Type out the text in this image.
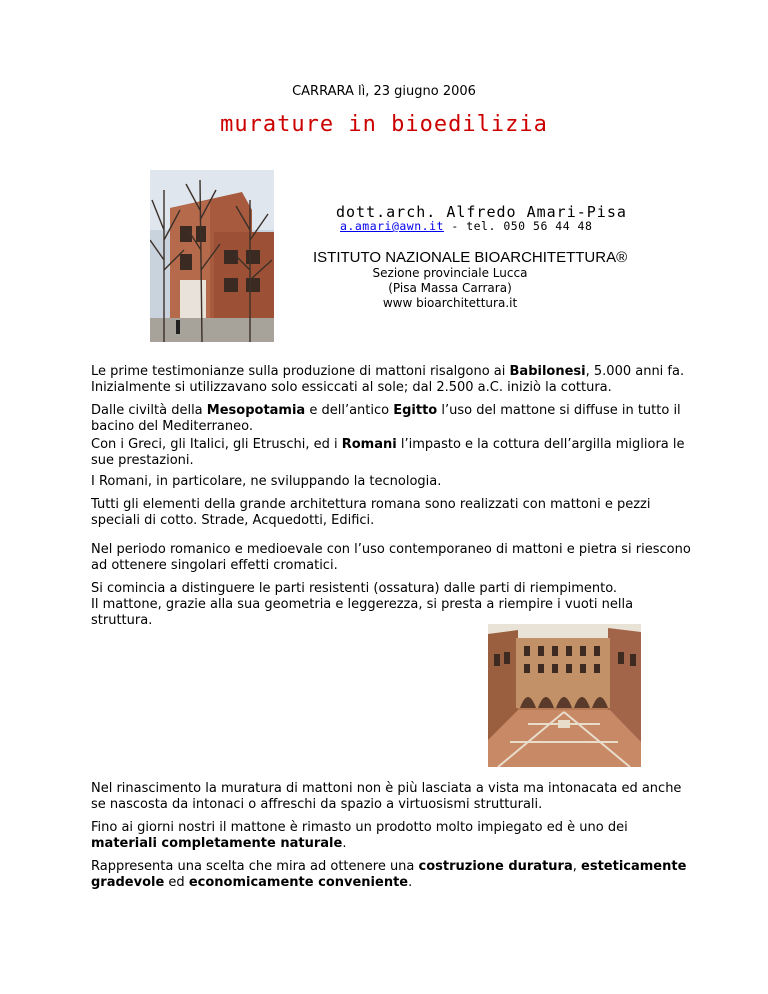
CARRARA lì, 23 giugno 2006
murature in bioedilizia
dott.arch. Alfredo Amari-Pisa
a.amari@awn.it - tel. 050 56 44 48
ISTITUTO NAZIONALE BIOARCHITETTURA®
Sezione provinciale Lucca
(Pisa Massa Carrara)
www bioarchitettura.it

Le prime testimonianze sulla produzione di mattoni risalgono ai Babilonesi, 5.000 anni fa. Inizialmente si utilizzavano solo essiccati al sole; dal 2.500 a.C. iniziò la cottura.

Dalle civiltà della Mesopotamia e dell’antico Egitto l’uso del mattone si diffuse in tutto il bacino del Mediterraneo.

Con i Greci, gli Italici, gli Etruschi, ed i Romani l’impasto e la cottura dell’argilla migliora le sue prestazioni.

I Romani, in particolare, ne sviluppando la tecnologia.

Tutti gli elementi della grande architettura romana sono realizzati con mattoni e pezzi speciali di cotto. Strade, Acquedotti, Edifici.

Nel periodo romanico e medioevale con l’uso contemporaneo di mattoni e pietra si riescono ad ottenere singolari effetti cromatici.

Si comincia a distinguere le parti resistenti (ossatura) dalle parti di riempimento.

Il mattone, grazie alla sua geometria e leggerezza, si presta a riempire i vuoti nella struttura.

Nel rinascimento la muratura di mattoni non è più lasciata a vista ma intonacata ed anche se nascosta da intonaci o affreschi da spazio a virtuosismi strutturali.

Fino ai giorni nostri il mattone è rimasto un prodotto molto impiegato ed è uno dei materiali completamente naturale.

Rappresenta una scelta che mira ad ottenere una costruzione duratura, esteticamente gradevole ed economicamente conveniente.
